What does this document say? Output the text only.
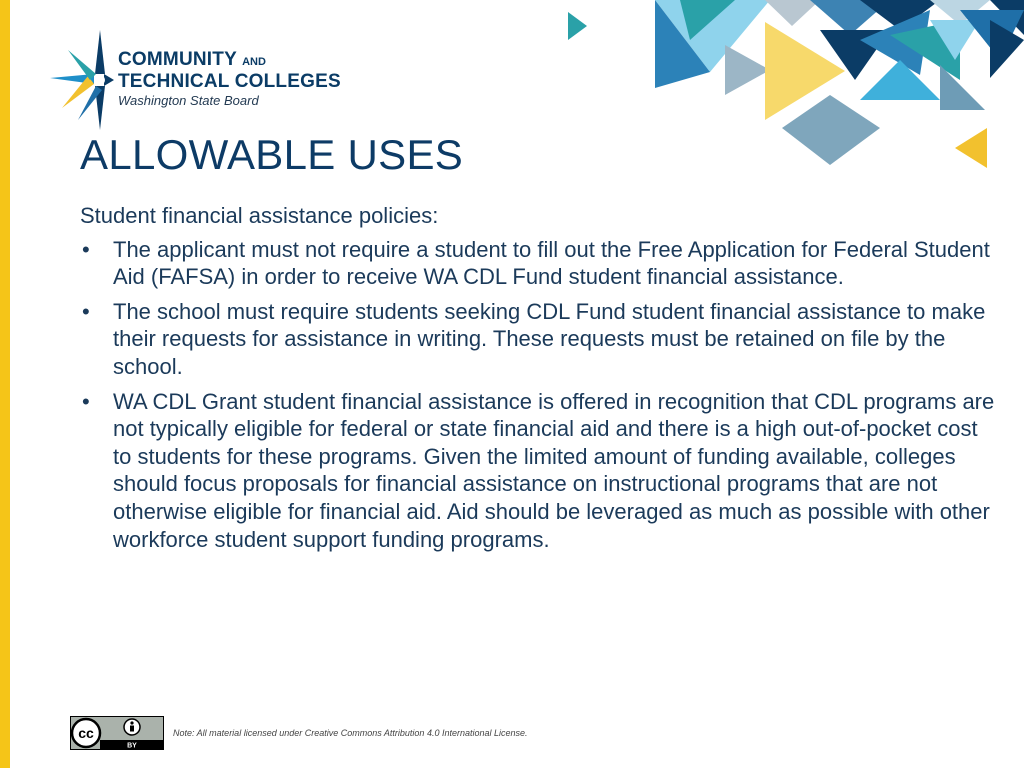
COMMUNITY AND
TECHNICAL COLLEGES
Washington State Board
ALLOWABLE USES

Student financial assistance policies:

• The applicant must not require a student to fill out the Free Application for Federal Student Aid (FAFSA) in order to receive WA CDL Fund student financial assistance.
• The school must require students seeking CDL Fund student financial assistance to make their requests for assistance in writing. These requests must be retained on file by the school.
• WA CDL Grant student financial assistance is offered in recognition that CDL programs are not typically eligible for federal or state financial aid and there is a high out-of-pocket cost to students for these programs. Given the limited amount of funding available, colleges should focus proposals for financial assistance on instructional programs that are not otherwise eligible for financial aid. Aid should be leveraged as much as possible with other workforce student support funding programs.
cc
BY
Note: All material licensed under Creative Commons Attribution 4.0 International License.
